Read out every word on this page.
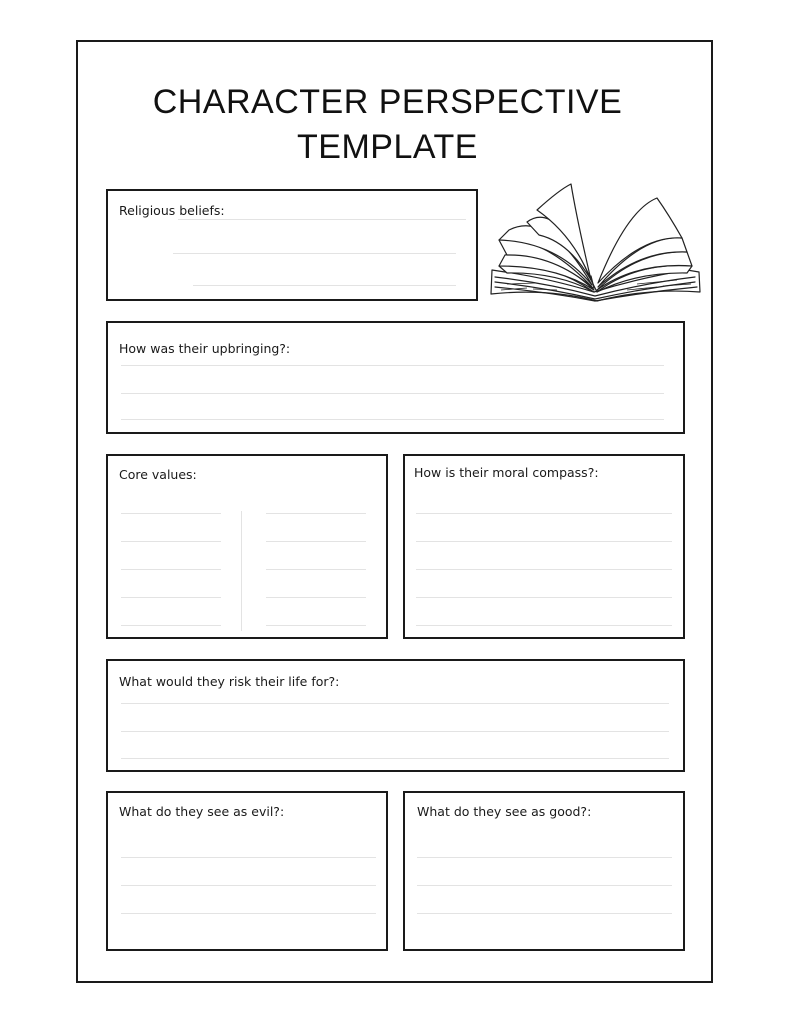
CHARACTER PERSPECTIVE
TEMPLATE
Religious beliefs:
How was their upbringing?:
Core values:	How is their moral compass?:
What would they risk their life for?:
What do they see as evil?:	What do they see as good?:
